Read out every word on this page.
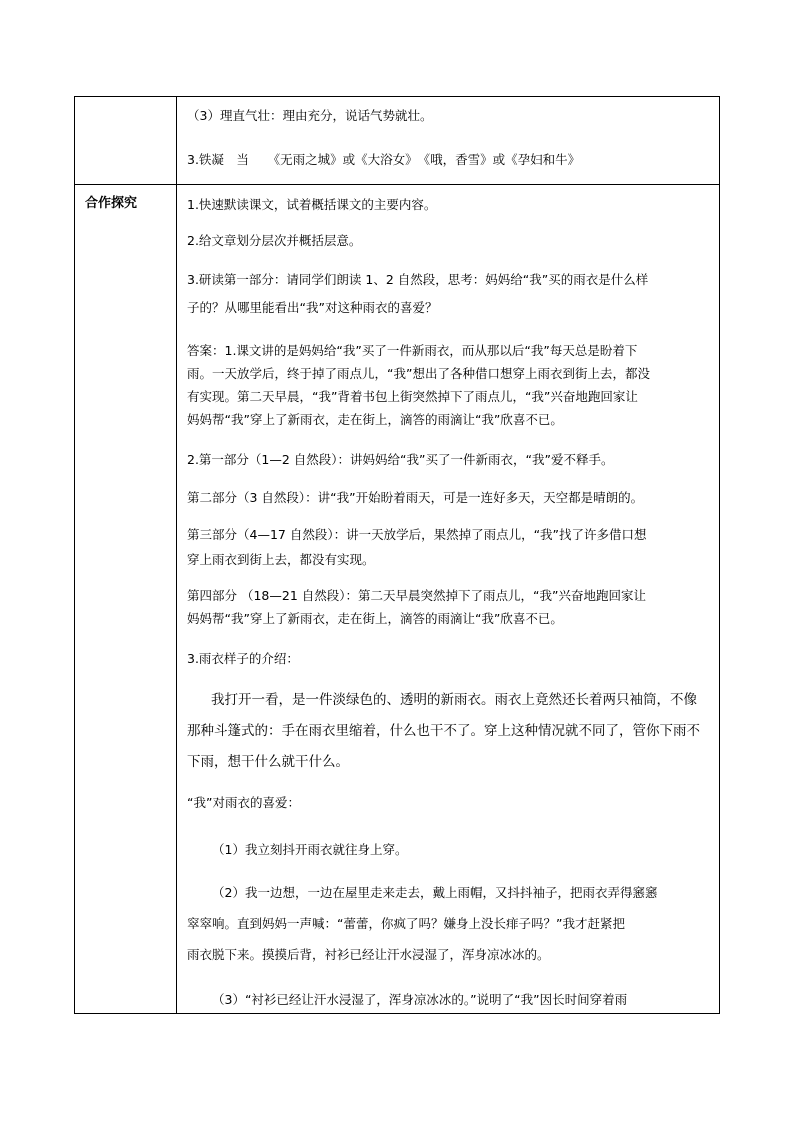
合作探究
（3）理直气壮：理由充分，说话气势就壮。
3.铁凝　当　　《无雨之城》或《大浴女》　《哦，香雪》或《孕妇和牛》
1.快速默读课文，试着概括课文的主要内容。
2.给文章划分层次并概括层意。
3.研读第一部分：请同学们朗读 1、2 自然段，思考：妈妈给“我”买的雨衣是什么样
子的？从哪里能看出“我”对这种雨衣的喜爱？
答案：1.课文讲的是妈妈给“我”买了一件新雨衣，而从那以后“我”每天总是盼着下
雨。一天放学后，终于掉了雨点儿，“我”想出了各种借口想穿上雨衣到街上去，都没
有实现。第二天早晨，“我”背着书包上街突然掉下了雨点儿，“我”兴奋地跑回家让
妈妈帮“我”穿上了新雨衣，走在街上，滴答的雨滴让“我”欣喜不已。
2.第一部分（1—2 自然段）：讲妈妈给“我”买了一件新雨衣，“我”爱不释手。
第二部分（3 自然段）：讲“我”开始盼着雨天，可是一连好多天，天空都是晴朗的。
第三部分（4—17 自然段）：讲一天放学后，果然掉了雨点儿，“我”找了许多借口想
穿上雨衣到街上去，都没有实现。
第四部分 （18—21 自然段）：第二天早晨突然掉下了雨点儿，“我”兴奋地跑回家让
妈妈帮“我”穿上了新雨衣，走在街上，滴答的雨滴让“我”欣喜不已。
3.雨衣样子的介绍：
我打开一看，是一件淡绿色的、透明的新雨衣。雨衣上竟然还长着两只袖筒，不像
那种斗篷式的：手在雨衣里缩着，什么也干不了。穿上这种情况就不同了，管你下雨不
下雨，想干什么就干什么。
“我”对雨衣的喜爱：
（1）我立刻抖开雨衣就往身上穿。
（2）我一边想，一边在屋里走来走去，戴上雨帽，又抖抖袖子，把雨衣弄得窸窸
窣窣响。直到妈妈一声喊：“蕾蕾，你疯了吗？嫌身上没长痱子吗？”我才赶紧把
雨衣脱下来。摸摸后背，衬衫已经让汗水浸湿了，浑身凉冰冰的。
（3）“衬衫已经让汗水浸湿了，浑身凉冰冰的。”说明了“我”因长时间穿着雨
